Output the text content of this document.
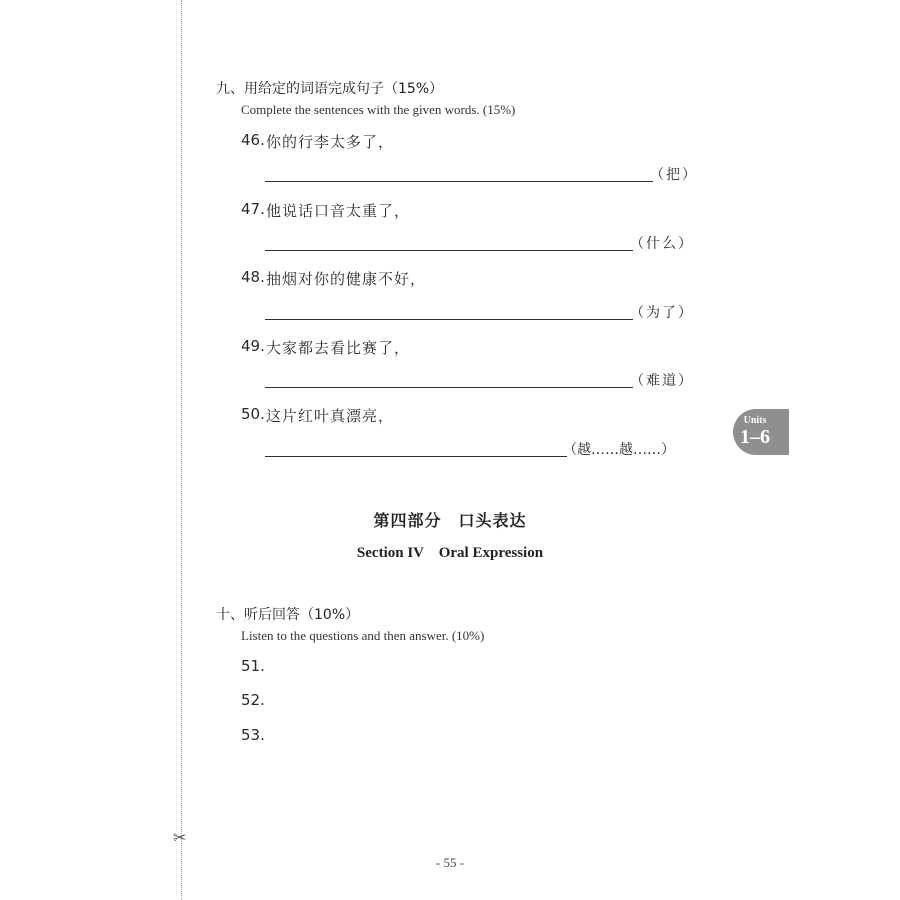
✂
九、用给定的词语完成句子（15%）
Complete the sentences with the given words. (15%)
46. 你的行李太多了，
（把）
47. 他说话口音太重了，
（什么）
48. 抽烟对你的健康不好，
（为了）
49. 大家都去看比赛了，
（难道）
50. 这片红叶真漂亮，
（越……越……）
Units
1–6
第四部分　口头表达
Section IV　Oral Expression
十、听后回答（10%）
Listen to the questions and then answer. (10%)
51.
52.
53.
- 55 -
